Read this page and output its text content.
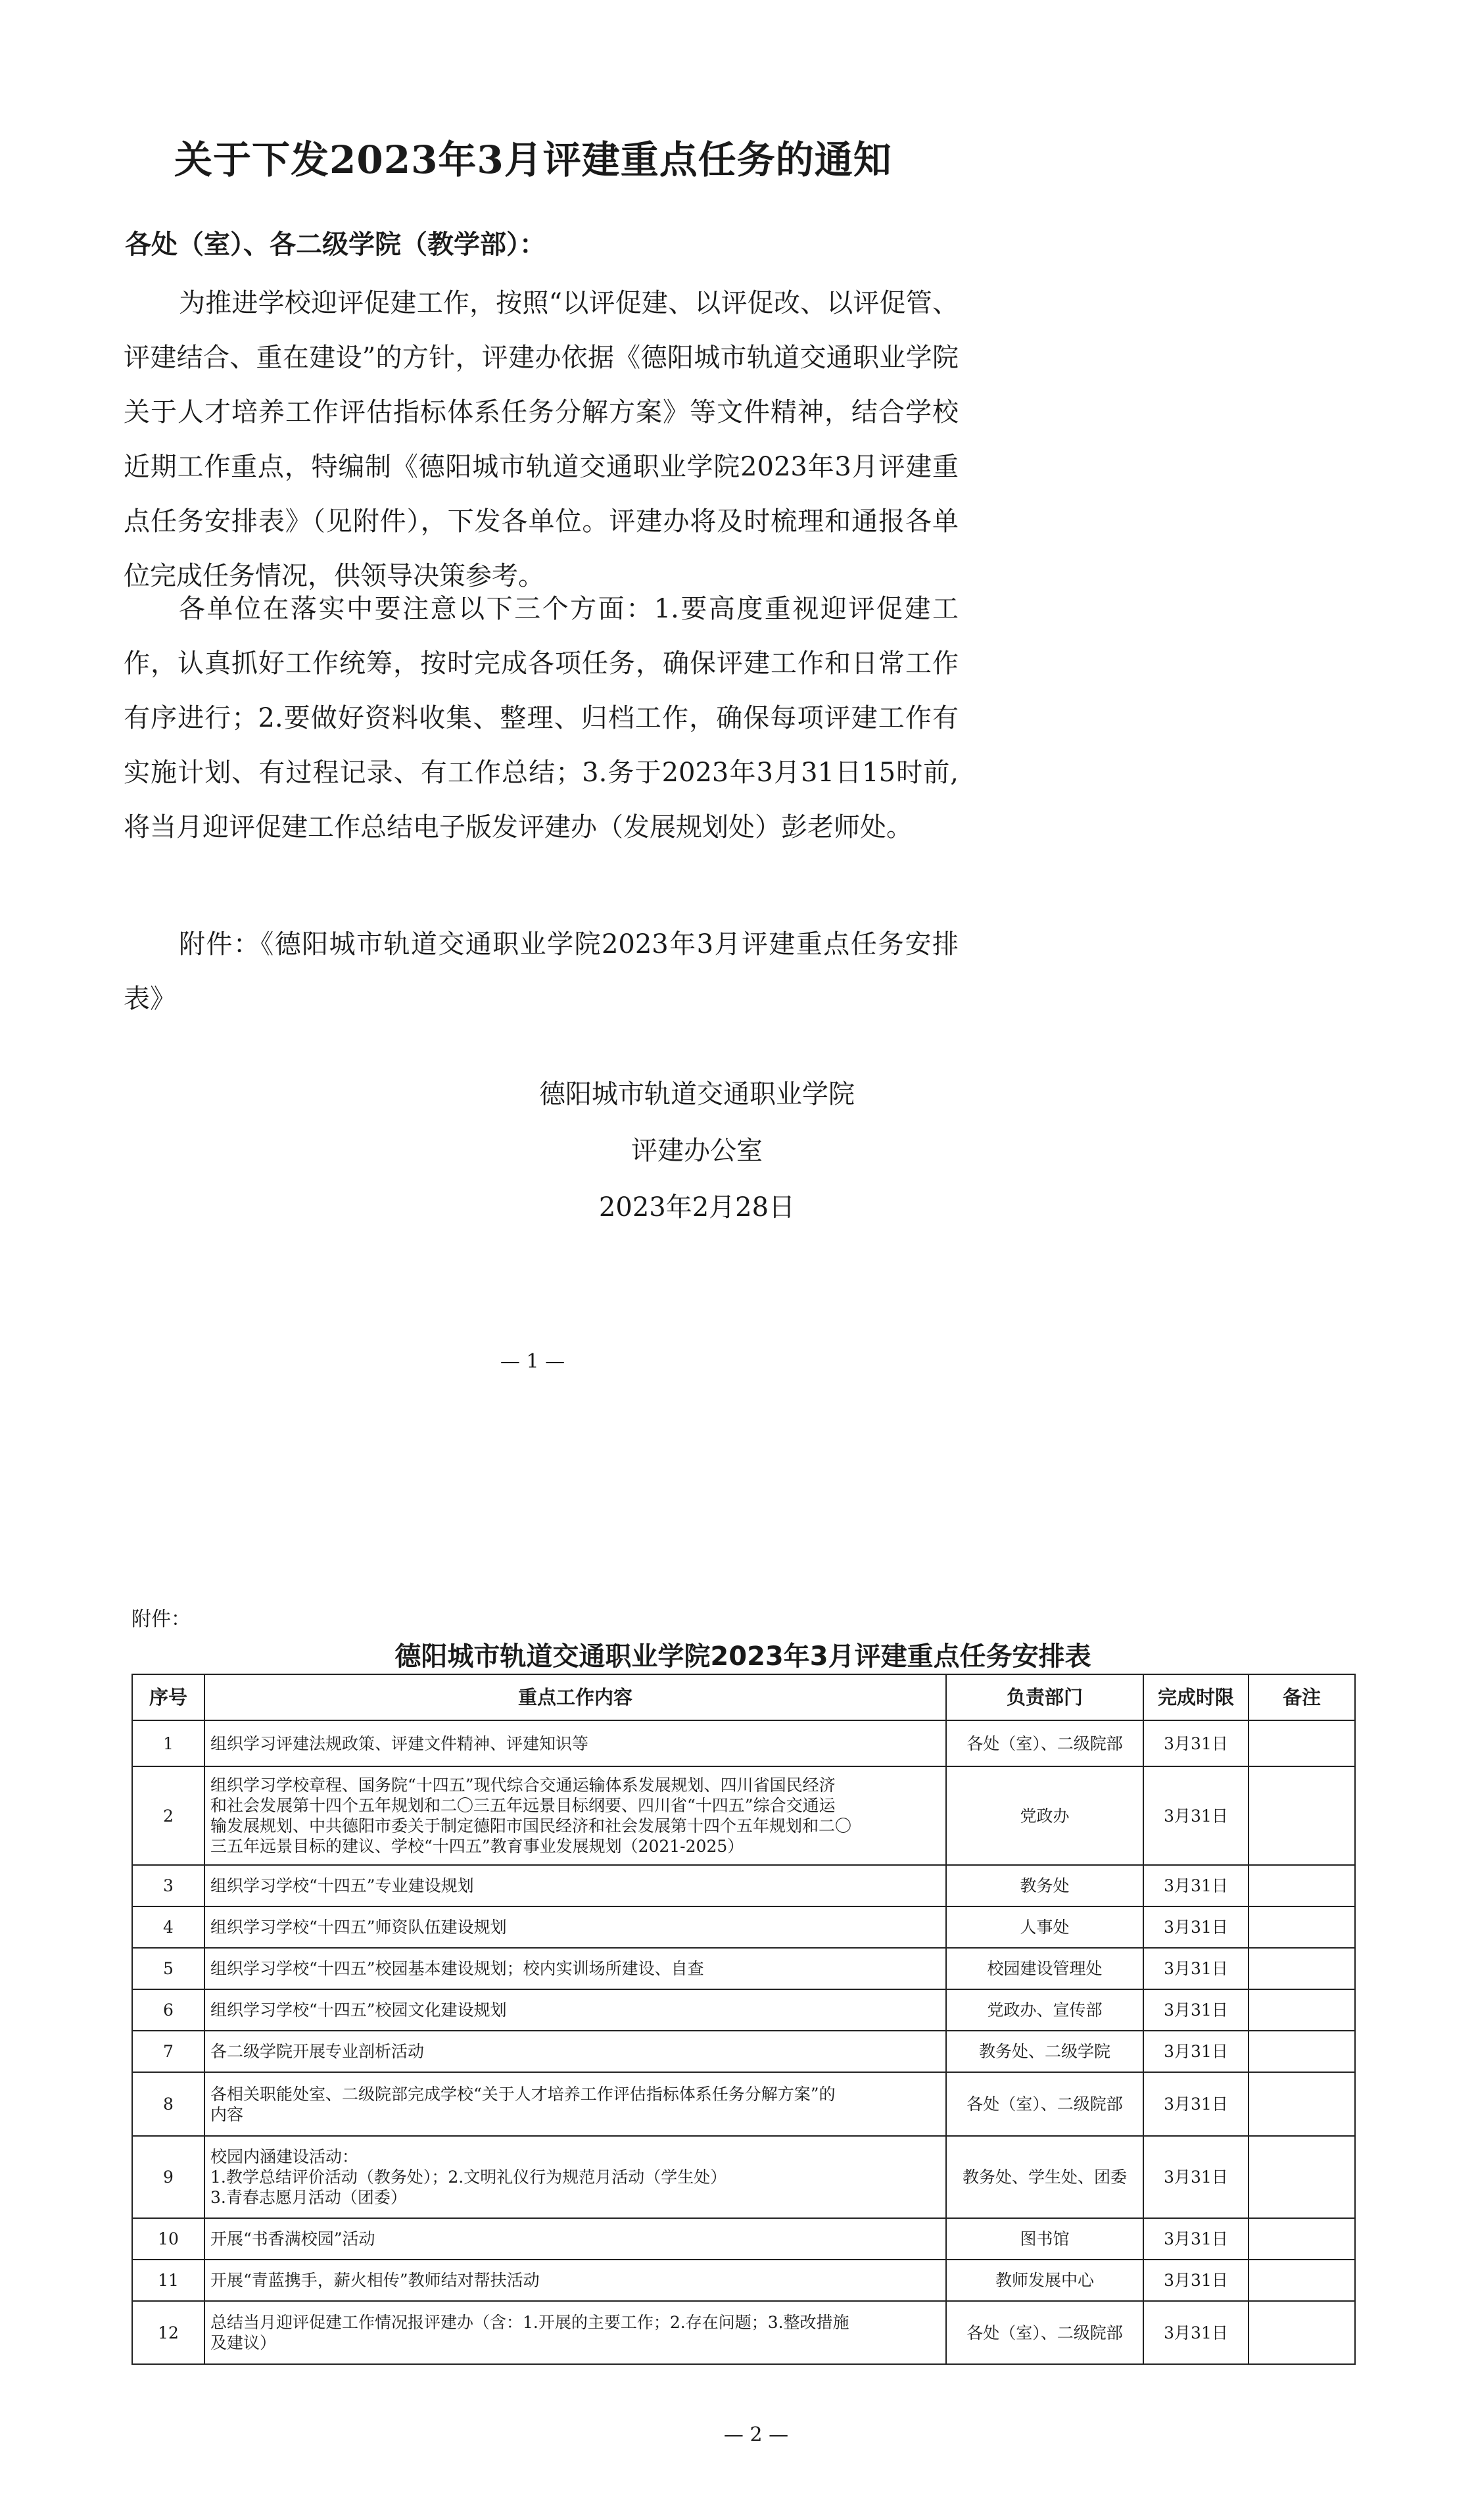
关于下发2023年3月评建重点任务的通知
各处（室）、各二级学院（教学部）：
为推进学校迎评促建工作，按照“以评促建、以评促改、以评促管、评建结合、重在建设”的方针，评建办依据《德阳城市轨道交通职业学院关于人才培养工作评估指标体系任务分解方案》等文件精神，结合学校近期工作重点，特编制《德阳城市轨道交通职业学院2023年3月评建重点任务安排表》（见附件），下发各单位。评建办将及时梳理和通报各单位完成任务情况，供领导决策参考。
各单位在落实中要注意以下三个方面：1.要高度重视迎评促建工作，认真抓好工作统筹，按时完成各项任务，确保评建工作和日常工作有序进行；2.要做好资料收集、整理、归档工作，确保每项评建工作有实施计划、有过程记录、有工作总结；3.务于2023年3月31日15时前,将当月迎评促建工作总结电子版发评建办（发展规划处）彭老师处。
附件：《德阳城市轨道交通职业学院2023年3月评建重点任务安排表》
德阳城市轨道交通职业学院
评建办公室
2023年2月28日
— 1 —
附件：
德阳城市轨道交通职业学院2023年3月评建重点任务安排表
序号	重点工作内容	负责部门	完成时限	备注
1	组织学习评建法规政策、评建文件精神、评建知识等	各处（室）、二级院部	3月31日	
2	组织学习学校章程、国务院“十四五”现代综合交通运输体系发展规划、四川省国民经济
和社会发展第十四个五年规划和二〇三五年远景目标纲要、四川省“十四五”综合交通运
输发展规划、中共德阳市委关于制定德阳市国民经济和社会发展第十四个五年规划和二〇
三五年远景目标的建议、学校“十四五”教育事业发展规划（2021-2025）	党政办	3月31日	
3	组织学习学校“十四五”专业建设规划	教务处	3月31日	
4	组织学习学校“十四五”师资队伍建设规划	人事处	3月31日	
5	组织学习学校“十四五”校园基本建设规划；校内实训场所建设、自查	校园建设管理处	3月31日	
6	组织学习学校“十四五”校园文化建设规划	党政办、宣传部	3月31日	
7	各二级学院开展专业剖析活动	教务处、二级学院	3月31日	
8	各相关职能处室、二级院部完成学校“关于人才培养工作评估指标体系任务分解方案”的
内容	各处（室）、二级院部	3月31日	
9	校园内涵建设活动：
1.教学总结评价活动（教务处）；2.文明礼仪行为规范月活动（学生处）
3.青春志愿月活动（团委）	教务处、学生处、团委	3月31日	
10	开展“书香满校园”活动	图书馆	3月31日	
11	开展“青蓝携手，薪火相传”教师结对帮扶活动	教师发展中心	3月31日	
12	总结当月迎评促建工作情况报评建办（含：1.开展的主要工作；2.存在问题；3.整改措施
及建议）	各处（室）、二级院部	3月31日	
— 2 —
